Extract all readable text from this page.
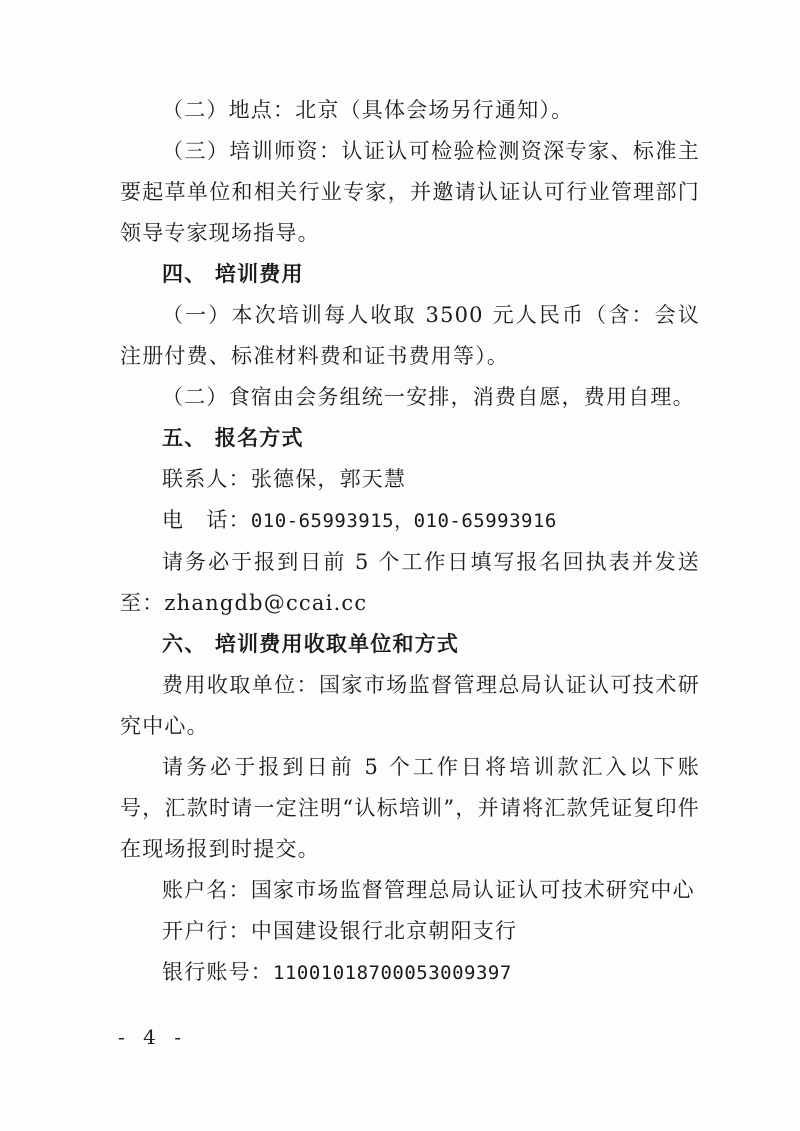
（二）地点：北京（具体会场另行通知）。

（三）培训师资：认证认可检验检测资深专家、标准主要起草单位和相关行业专家，并邀请认证认可行业管理部门领导专家现场指导。

四、 培训费用

（一）本次培训每人收取 3500 元人民币（含：会议注册付费、标准材料费和证书费用等）。

（二）食宿由会务组统一安排，消费自愿，费用自理。

五、 报名方式

联系人：张德保，郭天慧

电　话：010-65993915，010-65993916

请务必于报到日前 5 个工作日填写报名回执表并发送至：zhangdb@ccai.cc

六、 培训费用收取单位和方式

费用收取单位：国家市场监督管理总局认证认可技术研究中心。

请务必于报到日前 5 个工作日将培训款汇入以下账号，汇款时请一定注明“认标培训”，并请将汇款凭证复印件在现场报到时提交。

账户名：国家市场监督管理总局认证认可技术研究中心

开户行：中国建设银行北京朝阳支行

银行账号：11001018700053009397

- 4 -
